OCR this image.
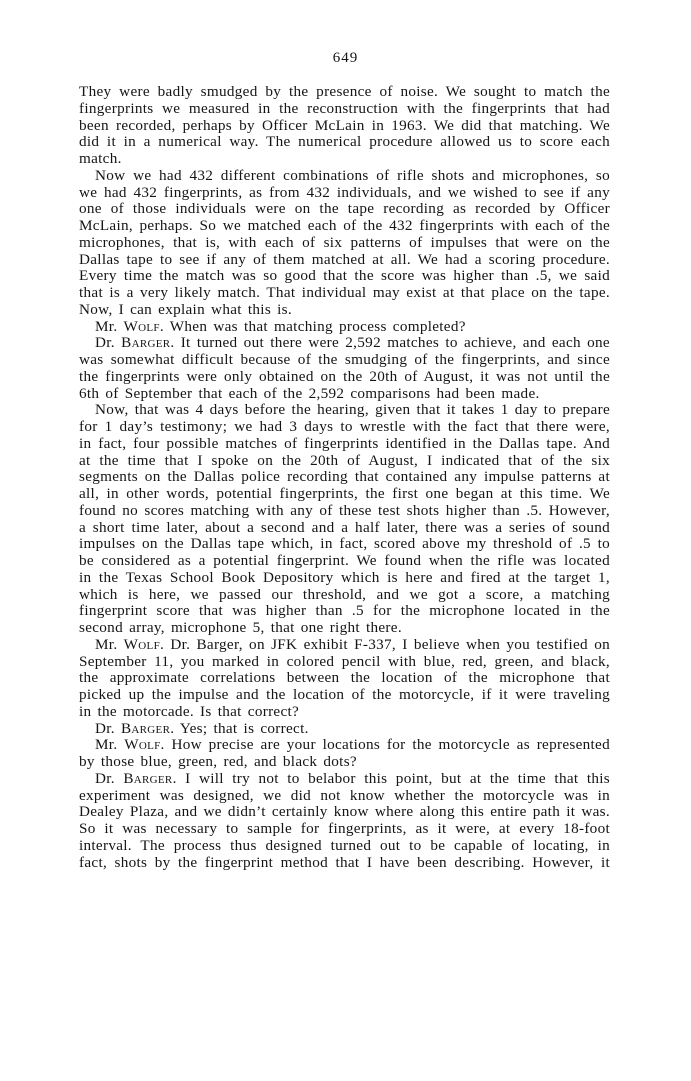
649

They were badly smudged by the presence of noise. We sought to match the fingerprints we measured in the reconstruction with the fingerprints that had been recorded, perhaps by Officer McLain in 1963. We did that matching. We did it in a numerical way. The numerical procedure allowed us to score each match.

Now we had 432 different combinations of rifle shots and microphones, so we had 432 fingerprints, as from 432 individuals, and we wished to see if any one of those individuals were on the tape recording as recorded by Officer McLain, perhaps. So we matched each of the 432 fingerprints with each of the microphones, that is, with each of six patterns of impulses that were on the Dallas tape to see if any of them matched at all. We had a scoring procedure. Every time the match was so good that the score was higher than .5, we said that is a very likely match. That individual may exist at that place on the tape. Now, I can explain what this is.

Mr. Wolf. When was that matching process completed?

Dr. Barger. It turned out there were 2,592 matches to achieve, and each one was somewhat difficult because of the smudging of the fingerprints, and since the fingerprints were only obtained on the 20th of August, it was not until the 6th of September that each of the 2,592 comparisons had been made.

Now, that was 4 days before the hearing, given that it takes 1 day to prepare for 1 day’s testimony; we had 3 days to wrestle with the fact that there were, in fact, four possible matches of fingerprints identified in the Dallas tape. And at the time that I spoke on the 20th of August, I indicated that of the six segments on the Dallas police recording that contained any impulse patterns at all, in other words, potential fingerprints, the first one began at this time. We found no scores matching with any of these test shots higher than .5. However, a short time later, about a second and a half later, there was a series of sound impulses on the Dallas tape which, in fact, scored above my threshold of .5 to be considered as a potential fingerprint. We found when the rifle was located in the Texas School Book Depository which is here and fired at the target 1, which is here, we passed our threshold, and we got a score, a matching fingerprint score that was higher than .5 for the microphone located in the second array, microphone 5, that one right there.

Mr. Wolf. Dr. Barger, on JFK exhibit F-337, I believe when you testified on September 11, you marked in colored pencil with blue, red, green, and black, the approximate correlations between the location of the microphone that picked up the impulse and the location of the motorcycle, if it were traveling in the motorcade. Is that correct?

Dr. Barger. Yes; that is correct.

Mr. Wolf. How precise are your locations for the motorcycle as represented by those blue, green, red, and black dots?

Dr. Barger. I will try not to belabor this point, but at the time that this experiment was designed, we did not know whether the motorcycle was in Dealey Plaza, and we didn’t certainly know where along this entire path it was. So it was necessary to sample for fingerprints, as it were, at every 18-foot interval. The process thus designed turned out to be capable of locating, in fact, shots by the fingerprint method that I have been describing. However, it
